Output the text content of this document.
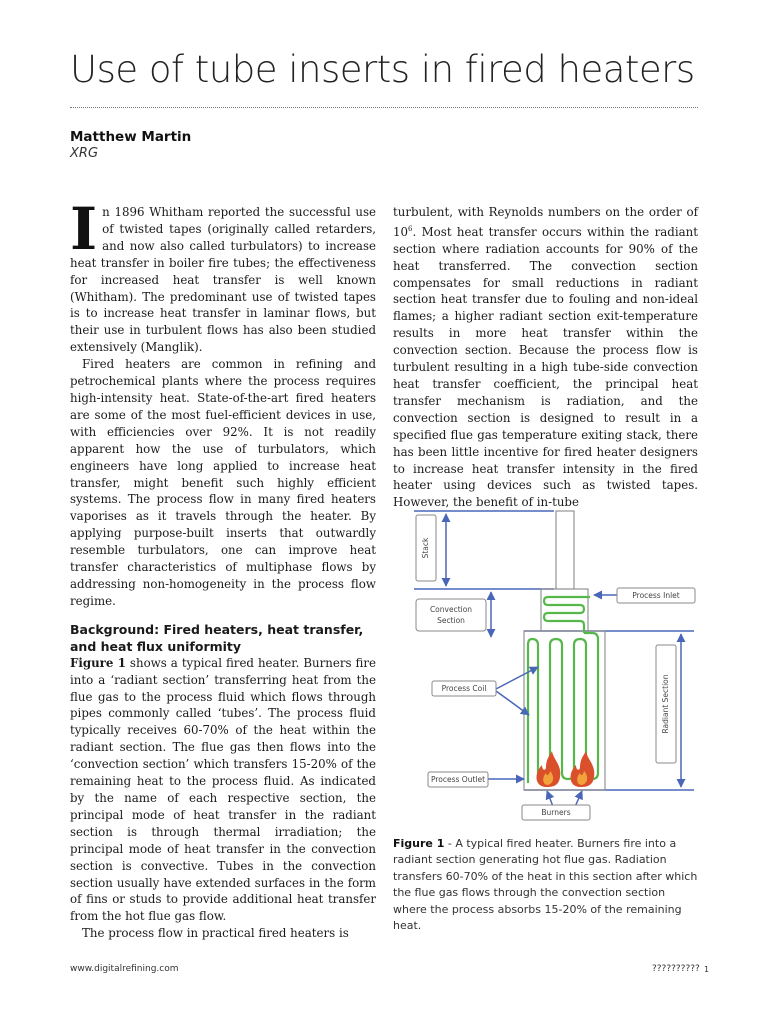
Use of tube inserts in fired heaters
Matthew Martin
XRG

In 1896 Whitham reported the successful use of twisted tapes (originally called retarders, and now also called turbulators) to increase heat transfer in boiler fire tubes; the effectiveness for increased heat transfer is well known (Whitham). The predominant use of twisted tapes is to increase heat transfer in laminar flows, but their use in turbulent flows has also been studied extensively (Manglik).

Fired heaters are common in refining and petrochemical plants where the process requires high-intensity heat. State-of-the-art fired heaters are some of the most fuel-efficient devices in use, with efficiencies over 92%. It is not readily apparent how the use of turbulators, which engineers have long applied to increase heat transfer, might benefit such highly efficient systems. The process flow in many fired heaters vaporises as it travels through the heater. By applying purpose-built inserts that outwardly resemble turbulators, one can improve heat transfer characteristics of multiphase flows by addressing non-homogeneity in the process flow regime.

Background: Fired heaters, heat transfer, and heat flux uniformity

Figure 1 shows a typical fired heater. Burners fire into a ‘radiant section’ transferring heat from the flue gas to the process fluid which flows through pipes commonly called ‘tubes’. The process fluid typically receives 60-70% of the heat within the radiant section. The flue gas then flows into the ‘convection section’ which transfers 15-20% of the remaining heat to the process fluid. As indicated by the name of each respective section, the principal mode of heat transfer in the radiant section is through thermal irradiation; the principal mode of heat transfer in the convection section is convective. Tubes in the convection section usually have extended surfaces in the form of fins or studs to provide additional heat transfer from the hot flue gas flow.

The process flow in practical fired heaters is

turbulent, with Reynolds numbers on the order of $10^6$. Most heat transfer occurs within the radiant section where radiation accounts for 90% of the heat transferred. The convection section compensates for small reductions in radiant section heat transfer due to fouling and non-ideal flames; a higher radiant section exit-temperature results in more heat transfer within the convection section. Because the process flow is turbulent resulting in a high tube-side convection heat transfer coefficient, the principal heat transfer mechanism is radiation, and the convection section is designed to result in a specified flue gas temperature exiting stack, there has been little incentive for fired heater designers to increase heat transfer intensity in the fired heater using devices such as twisted tapes. However, the benefit of in-tube

Stack
Convection
Section
Process Inlet
Process Coil	Radiant Section
Process Outlet
Burners
Figure 1 - A typical fired heater. Burners fire into a radiant section generating hot flue gas. Radiation transfers 60-70% of the heat in this section after which the flue gas flows through the convection section where the process absorbs 15-20% of the remaining heat.
www.digitalrefining.com	?????????? 1
